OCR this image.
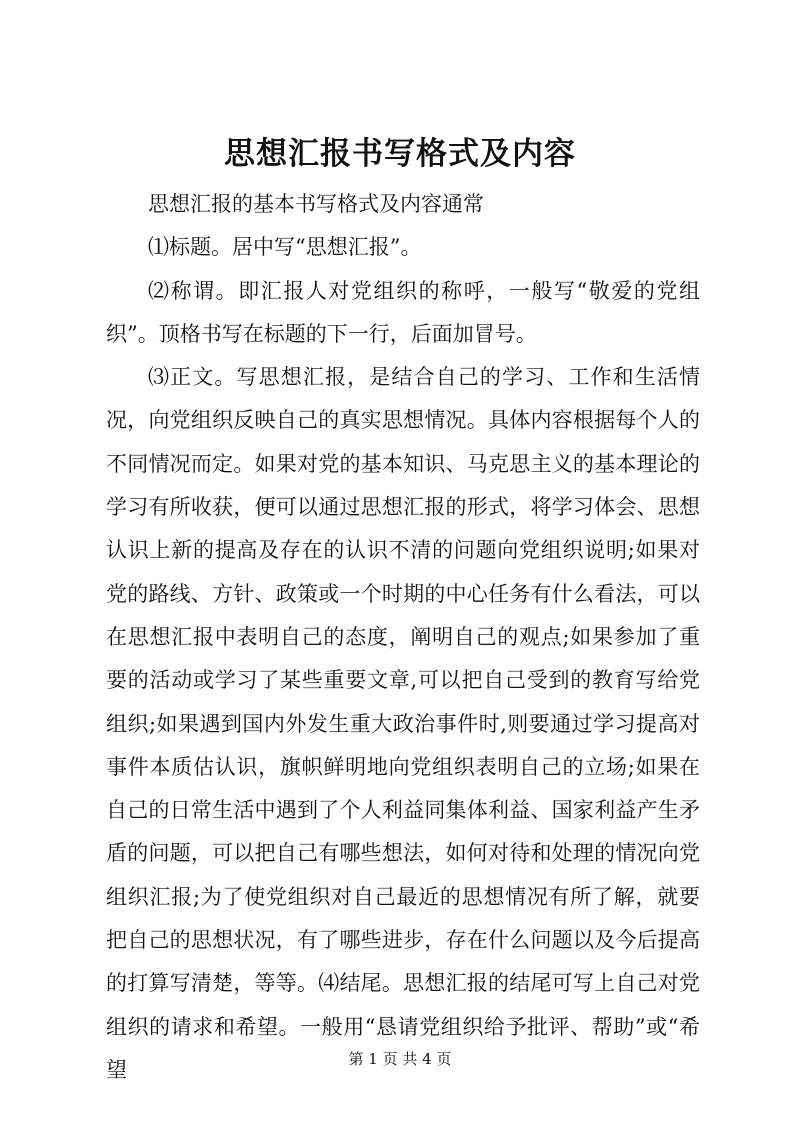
思想汇报书写格式及内容

思想汇报的基本书写格式及内容通常

⑴标题。居中写“思想汇报”。

⑵称谓。即汇报人对党组织的称呼，一般写“敬爱的党组织”。顶格书写在标题的下一行，后面加冒号。

⑶正文。写思想汇报，是结合自己的学习、工作和生活情况，向党组织反映自己的真实思想情况。具体内容根据每个人的不同情况而定。如果对党的基本知识、马克思主义的基本理论的学习有所收获，便可以通过思想汇报的形式，将学习体会、思想认识上新的提高及存在的认识不清的问题向党组织说明;如果对党的路线、方针、政策或一个时期的中心任务有什么看法，可以在思想汇报中表明自己的态度，阐明自己的观点;如果参加了重要的活动或学习了某些重要文章,可以把自己受到的教育写给党组织;如果遇到国内外发生重大政治事件时,则要通过学习提高对事件本质估认识，旗帜鲜明地向党组织表明自己的立场;如果在自己的日常生活中遇到了个人利益同集体利益、国家利益产生矛盾的问题，可以把自己有哪些想法，如何对待和处理的情况向党组织汇报;为了使党组织对自己最近的思想情况有所了解，就要把自己的思想状况，有了哪些进步，存在什么问题以及今后提高的打算写清楚，等等。⑷结尾。思想汇报的结尾可写上自己对党组织的请求和希望。一般用“恳请党组织给予批评、帮助”或“希望	第 1 页 共 4 页
